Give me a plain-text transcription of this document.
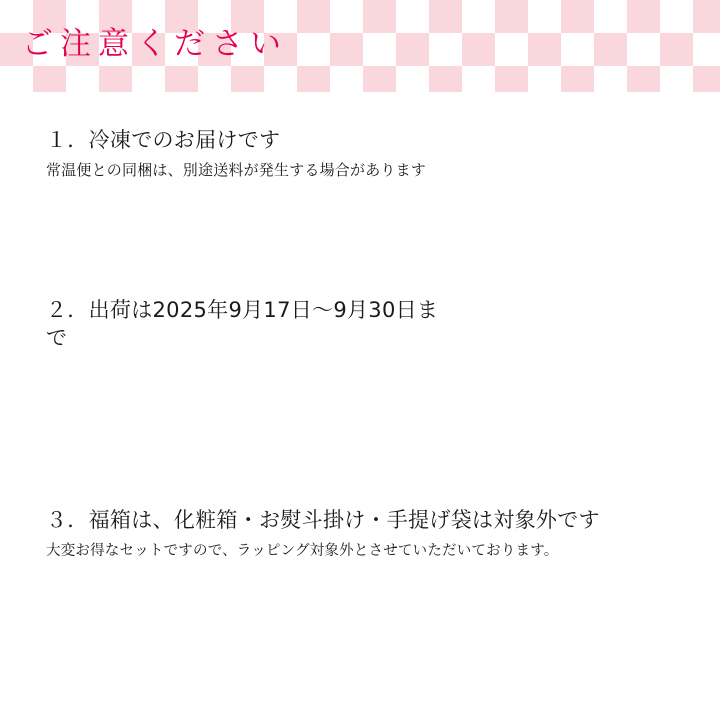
ご注意ください
１．冷凍でのお届けです
常温便との同梱は、別途送料が発生する場合があります
２．出荷は2025年9月17日〜9月30日まで
３．福箱は、化粧箱・お熨斗掛け・手提げ袋は対象外です
大変お得なセットですので、ラッピング対象外とさせていただいております。
